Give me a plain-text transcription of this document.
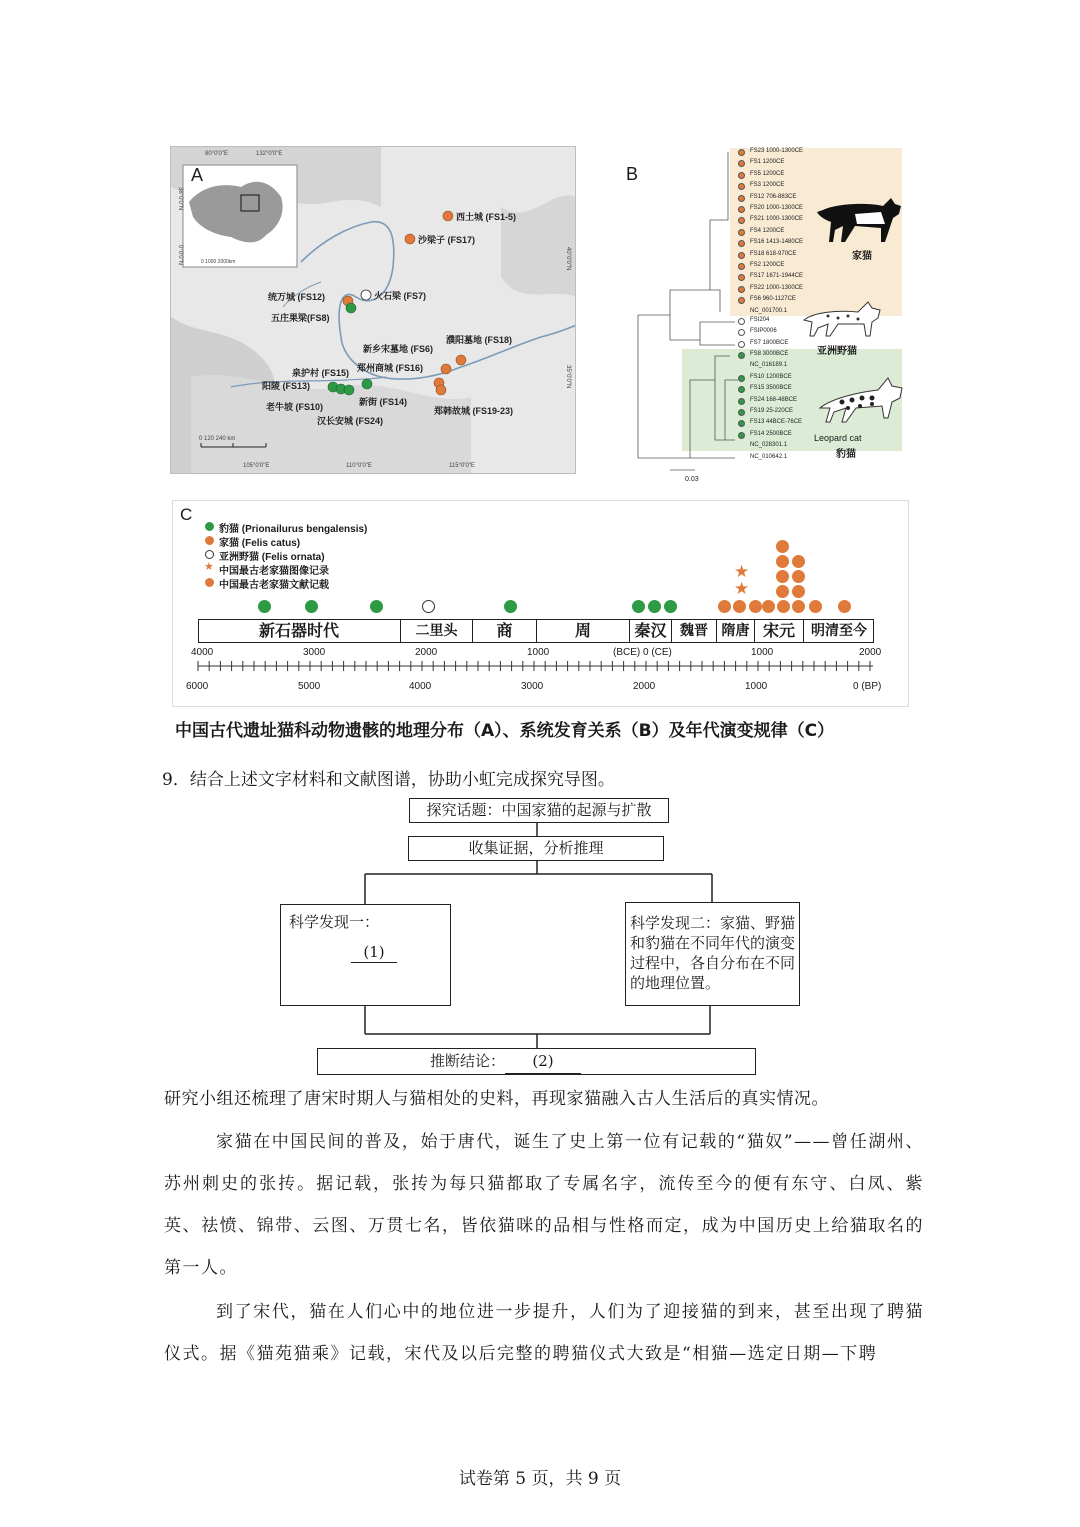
A
80°0'0"E	132°0'0"E
0 1000 2000km
38°0'0"N
0°0'0"N	40°0'0"N
35°0'0"N
105°0'0"E	110°0'0"E	115°0'0"E
0 120 240 km
西土城 (FS1-5)
沙梁子 (FS17)
统万城 (FS12)	火石梁 (FS7)
五庄果梁(FS8)
濮阳墓地 (FS18)
新乡宋墓地 (FS6)
郑州商城 (FS16)
泉护村 (FS15)
阳陵 (FS13)
新街 (FS14)
老牛坡 (FS10)
汉长安城 (FS24)
郑韩故城 (FS19-23)
B
FS23 1000-1300CE
FS1 1200CE
FS5 1200CE
FS3 1200CE
FS12 706-883CE
FS20 1000-1300CE
FS21 1000-1300CE
FS4 1200CE
FS16 1413-1480CE
FS18 618-970CE
FS2 1200CE
FS17 1671-1944CE
FS22 1000-1300CE
FS6 960-1127CE
NC_001700.1
FSI204
FSIP0006
FS7 1800BCE
FS8 3000BCE
NC_016189.1
FS10 1200BCE
FS15 3500BCE
FS24 168-48BCE
FS19 25-220CE
FS13 44BCE-76CE
FS14 2500BCE
NC_028301.1
NC_010642.1
家猫
亚洲野猫
Leopard cat
豹猫
0.03
C
豹猫 (Prionailurus bengalensis)
家猫 (Felis catus)
亚洲野猫 (Felis ornata)
★ 中国最古老家猫图像记录
中国最古老家猫文献记载
★
★
新石器时代	二里头	商	周	秦汉 魏晋 隋唐 宋元	明清至今
4000	3000	2000	1000	(BCE) 0 (CE)	1000	2000
6000	5000	4000	3000	2000	1000	0 (BP)
中国古代遗址猫科动物遗骸的地理分布（A）、系统发育关系（B）及年代演变规律（C）
9．结合上述文字材料和文献图谱，协助小虹完成探究导图。
探究话题：中国家猫的起源与扩散
收集证据，分析推理
科学发现一：
(1)
科学发现二：家猫、野猫和豹猫在不同年代的演变过程中，各自分布在不同的地理位置。
推断结论： (2)
研究小组还梳理了唐宋时期人与猫相处的史料，再现家猫融入古人生活后的真实情况。
家猫在中国民间的普及，始于唐代，诞生了史上第一位有记载的“猫奴”——曾任湖州、苏州刺史的张抟。据记载，张抟为每只猫都取了专属名字，流传至今的便有东守、白凤、紫英、祛愤、锦带、云图、万贯七名，皆依猫咪的品相与性格而定，成为中国历史上给猫取名的第一人。
到了宋代，猫在人们心中的地位进一步提升，人们为了迎接猫的到来，甚至出现了聘猫仪式。据《猫苑猫乘》记载，宋代及以后完整的聘猫仪式大致是“相猫—选定日期—下聘
试卷第 5 页，共 9 页
